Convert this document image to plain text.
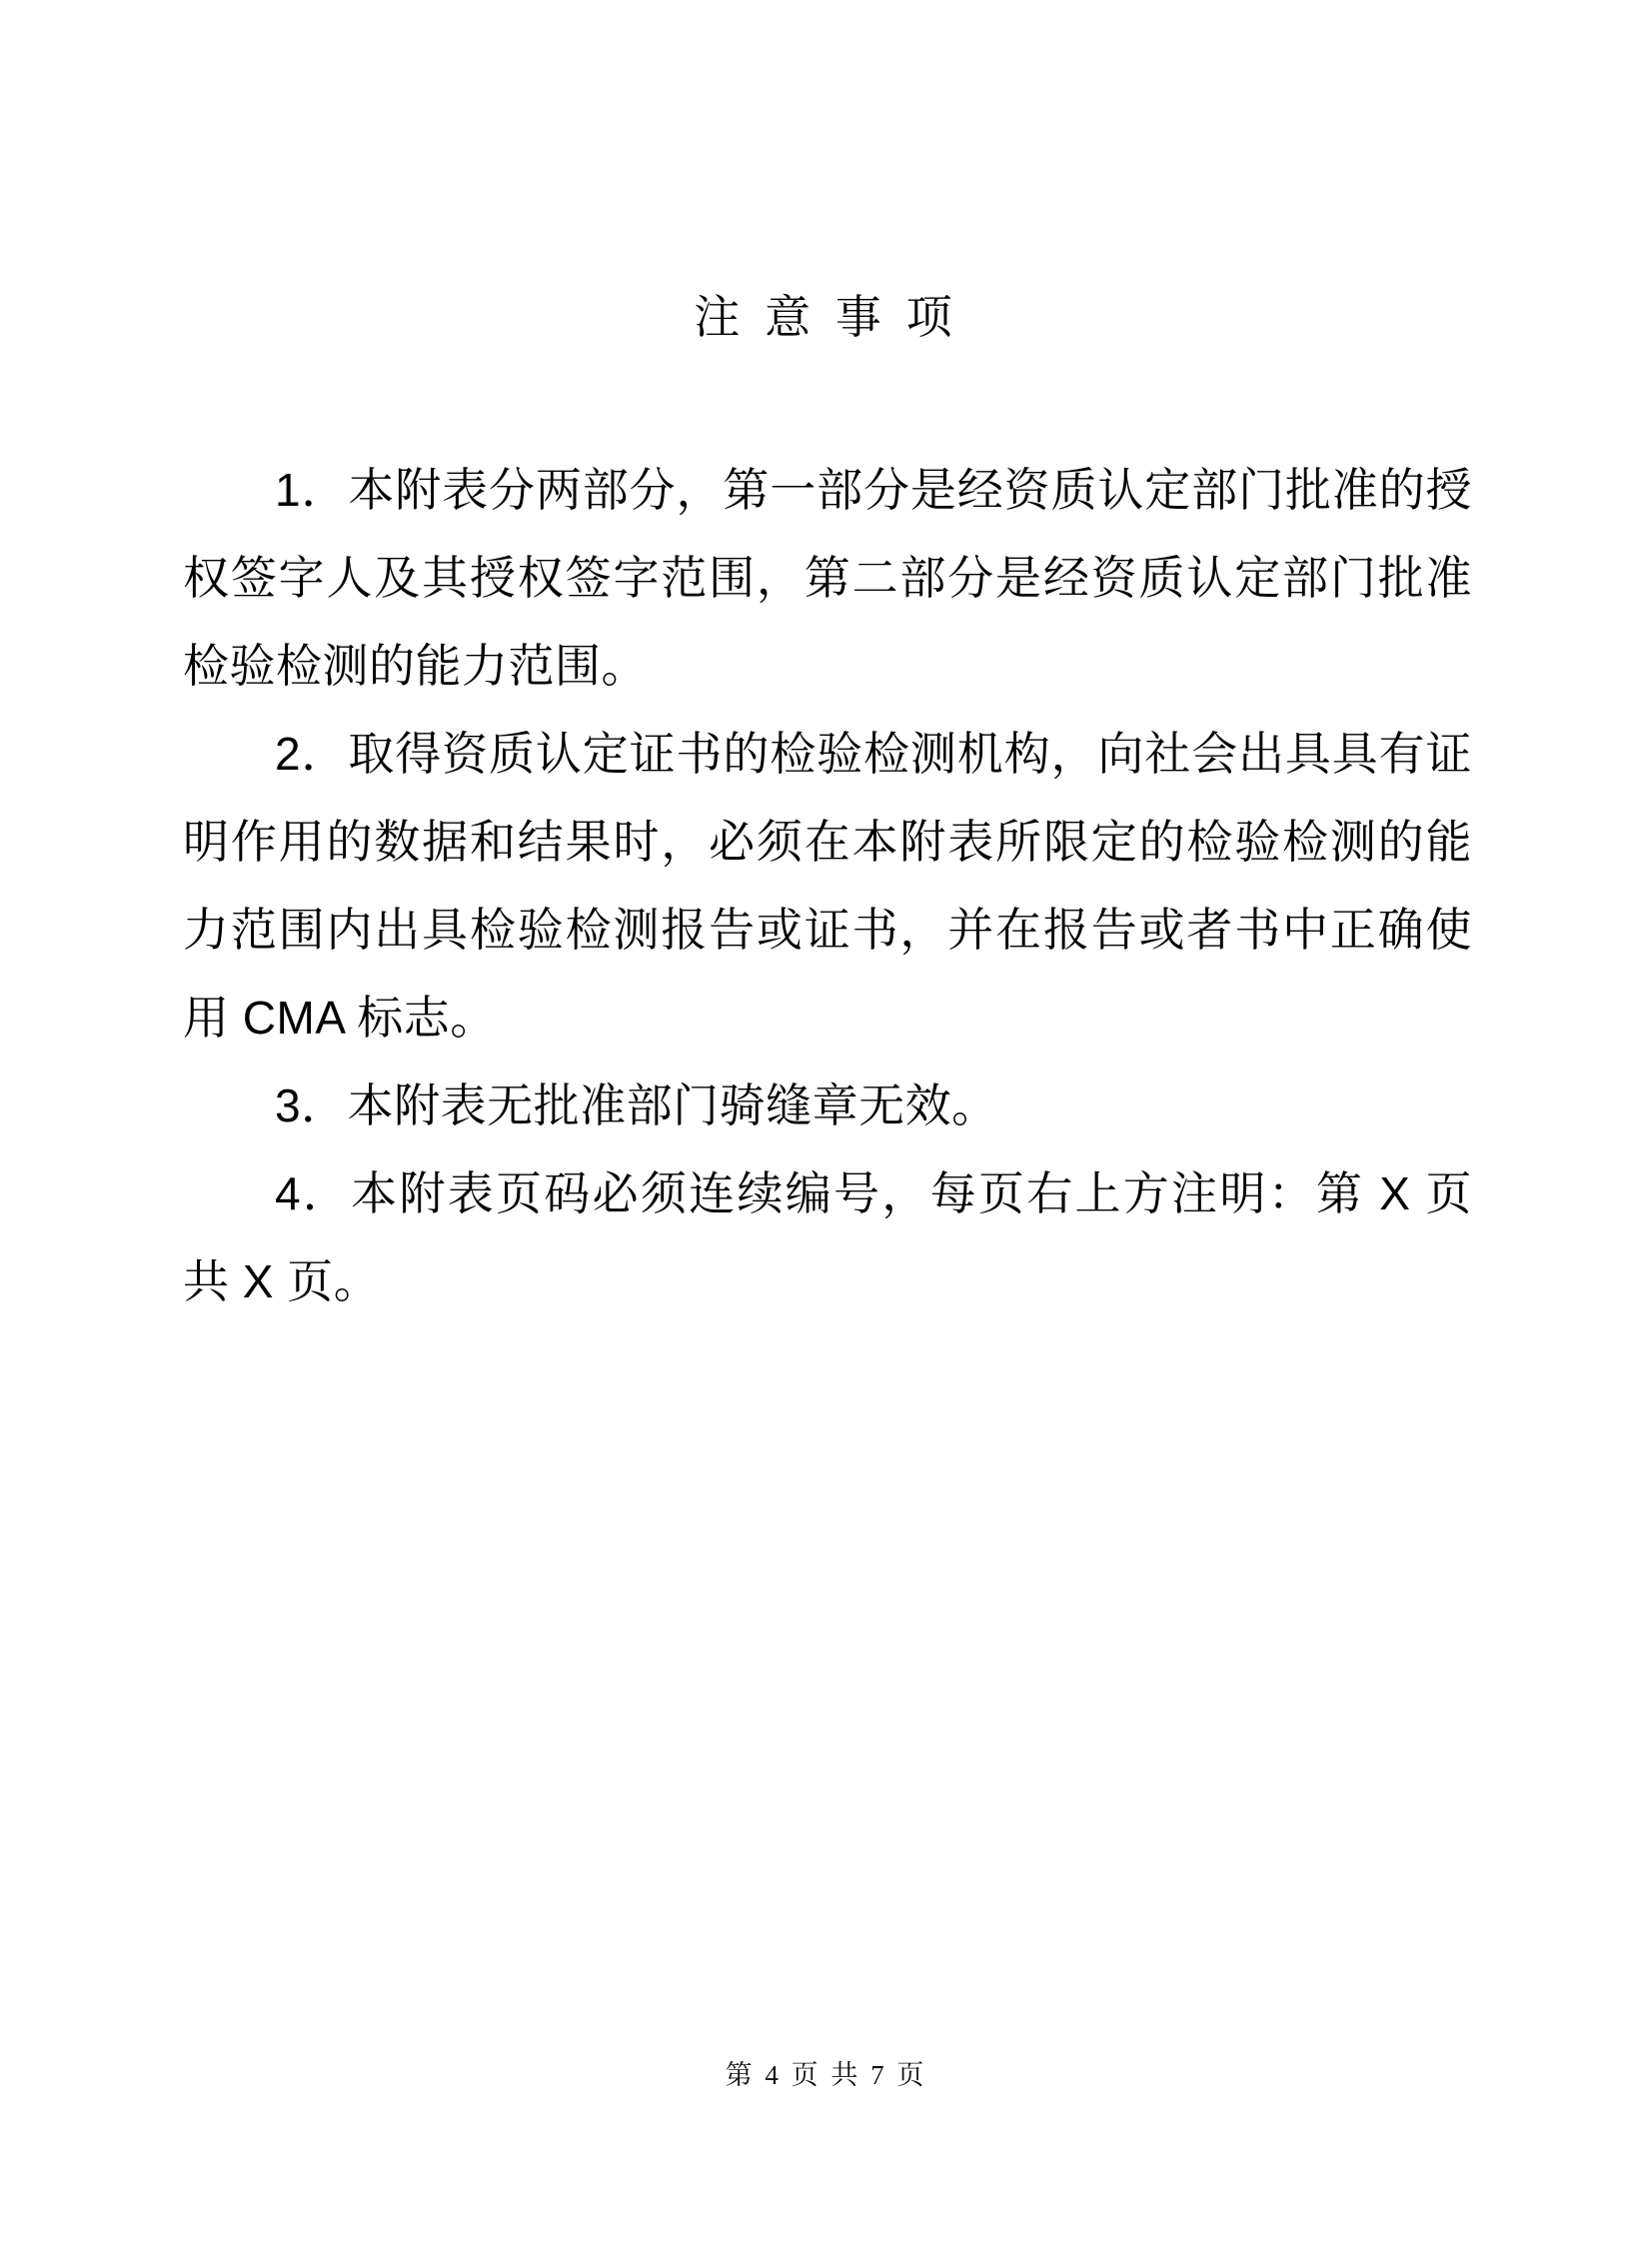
注 意 事 项

1．本附表分两部分，第一部分是经资质认定部门批准的授权签字人及其授权签字范围，第二部分是经资质认定部门批准检验检测的能力范围。

2．取得资质认定证书的检验检测机构，向社会出具具有证明作用的数据和结果时，必须在本附表所限定的检验检测的能力范围内出具检验检测报告或证书，并在报告或者书中正确使用 CMA 标志。

3．本附表无批准部门骑缝章无效。

4．本附表页码必须连续编号，每页右上方注明：第 X 页共 X 页。

第 4 页 共 7 页
